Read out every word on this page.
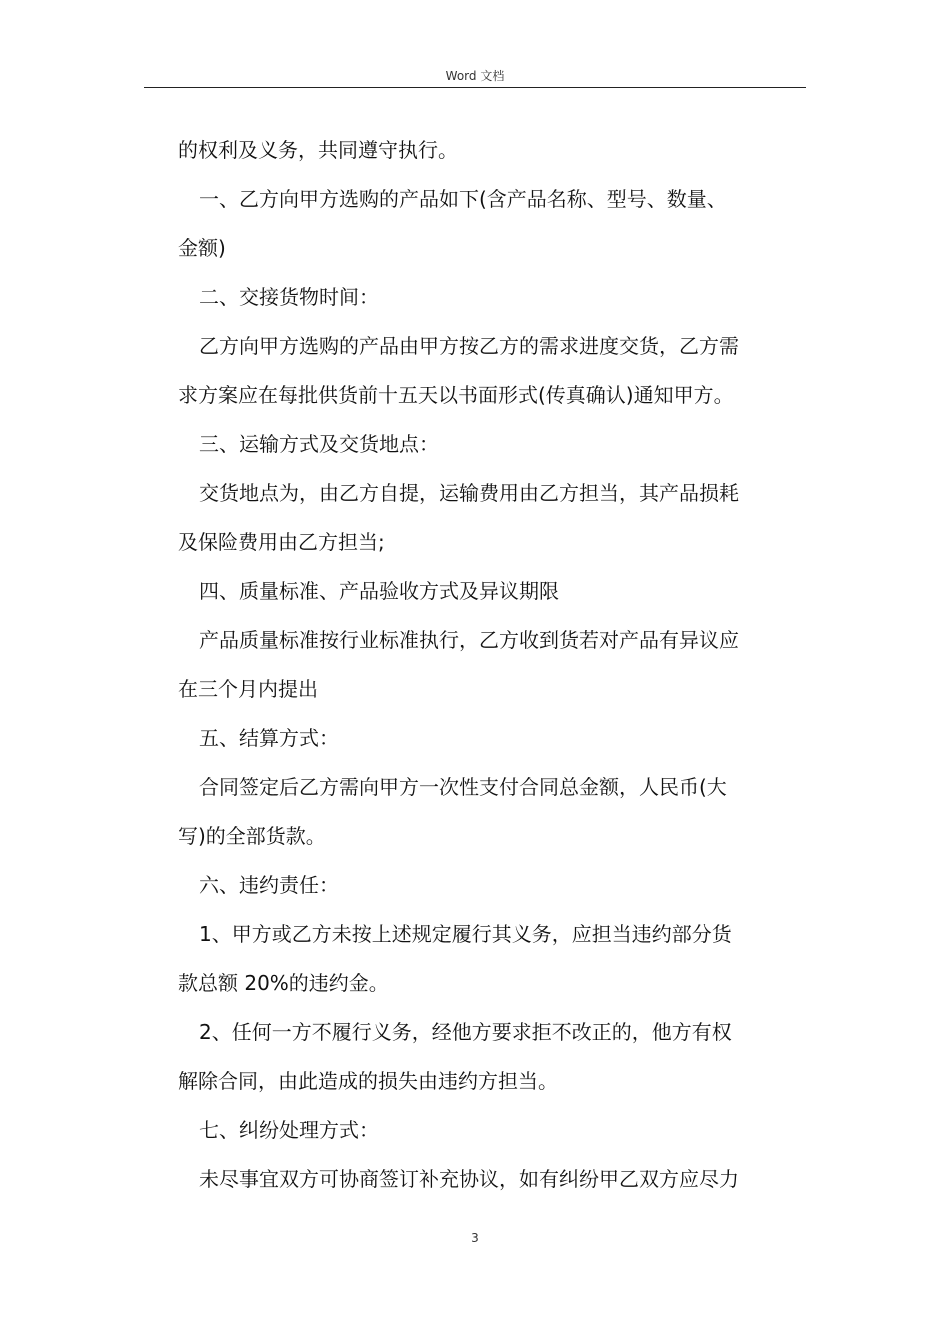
Word 文档
的权利及义务，共同遵守执行。
一、乙方向甲方选购的产品如下(含产品名称、型号、数量、
金额)
二、交接货物时间：
乙方向甲方选购的产品由甲方按乙方的需求进度交货，乙方需
求方案应在每批供货前十五天以书面形式(传真确认)通知甲方。
三、运输方式及交货地点：
交货地点为，由乙方自提，运输费用由乙方担当，其产品损耗
及保险费用由乙方担当;
四、质量标准、产品验收方式及异议期限
产品质量标准按行业标准执行，乙方收到货若对产品有异议应
在三个月内提出
五、结算方式：
合同签定后乙方需向甲方一次性支付合同总金额，人民币(大
写)的全部货款。
六、违约责任：
1、甲方或乙方未按上述规定履行其义务，应担当违约部分货
款总额 20%的违约金。
2、任何一方不履行义务，经他方要求拒不改正的，他方有权
解除合同，由此造成的损失由违约方担当。
七、纠纷处理方式：
未尽事宜双方可协商签订补充协议，如有纠纷甲乙双方应尽力
3
